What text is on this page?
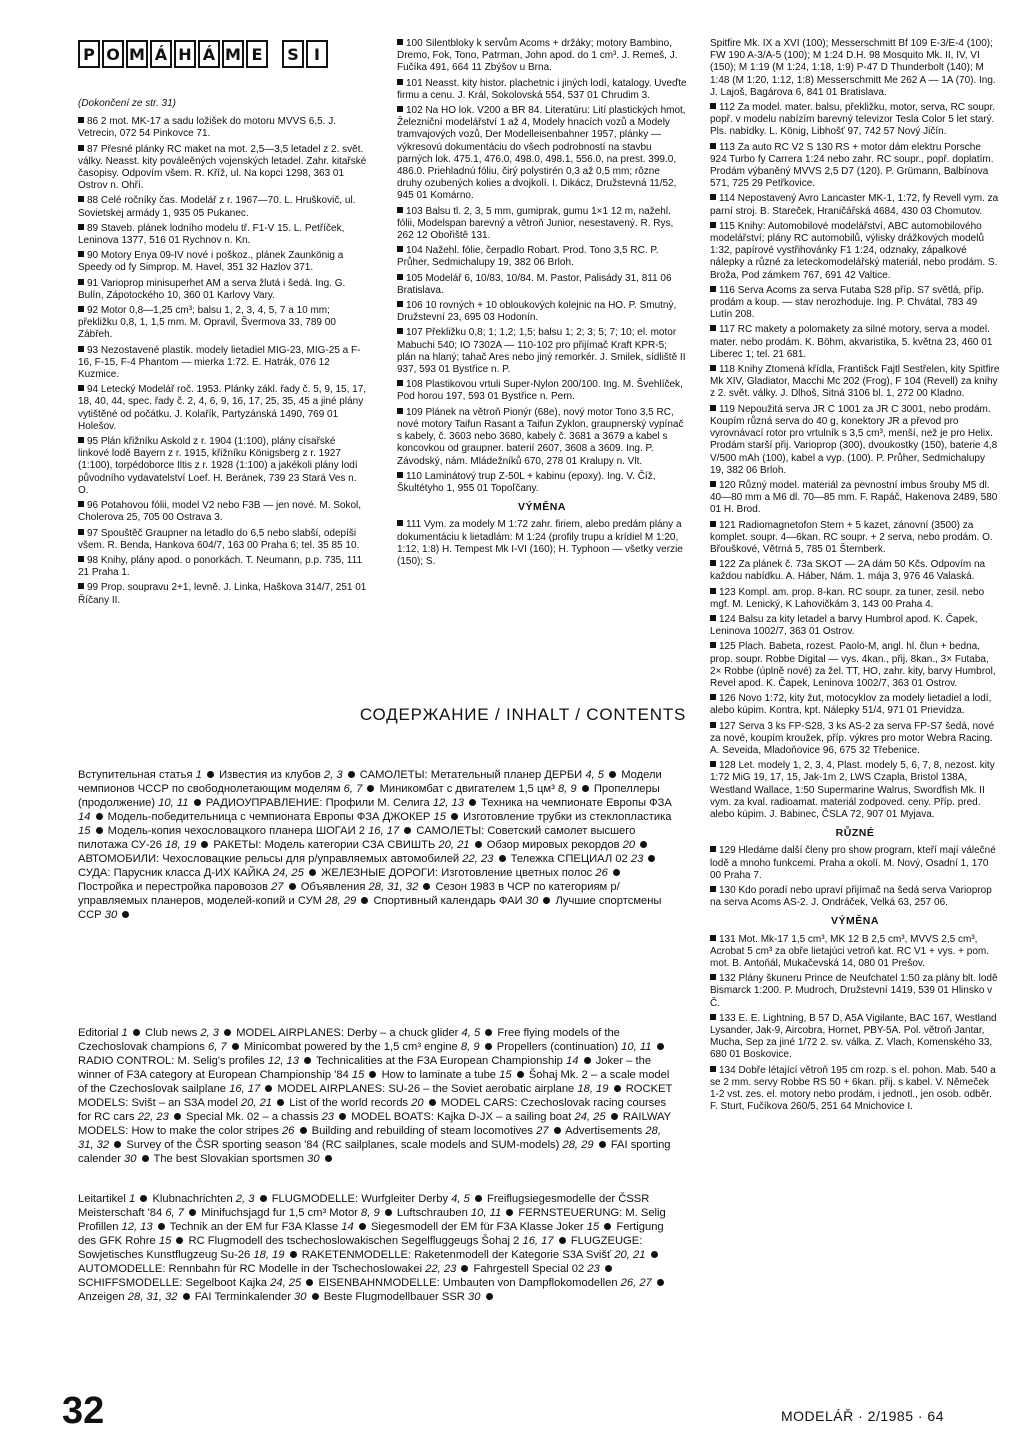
P O M Á H Á M E	S I
(Dokončení ze str. 31)

86 2 mot. MK-17 a sadu ložišek do motoru MVVS 6,5. J. Vetrecin, 072 54 Pinkovce 71.

87 Přesné plánky RC maket na mot. 2,5—3,5 letadel z 2. svět. války. Neasst. kity pováleěných vojenských letadel. Zahr. kitařské časopisy. Odpovím všem. R. Kříž, ul. Na kopci 1298, 363 01 Ostrov n. Ohří.

88 Celé ročníky čas. Modelář z r. 1967—70. L. Hruškovič, ul. Sovietskej armády 1, 935 05 Pukanec.

89 Staveb. plánek lodního modelu tř. F1-V 15. L. Petříček, Leninova 1377, 516 01 Rychnov n. Kn.

90 Motory Enya 09-IV nové i poškoz., plánek Zaunkönig a Speedy od fy Simprop. M. Havel, 351 32 Hazlov 371.

91 Varioprop minisuperhet AM a serva žlutá i šedá. Ing. G. Bulín, Zápotockého 10, 360 01 Karlovy Vary.

92 Motor 0,8—1,25 cm³; balsu 1, 2, 3, 4, 5, 7 a 10 mm; překližku 0,8, 1, 1,5 mm. M. Opravil, Švermova 33, 789 00 Zábřeh.

93 Nezostavené plastik. modely lietadiel MIG-23, MIG-25 a F-16, F-15, F-4 Phantom — mierka 1:72. E. Hatrák, 076 12 Kuzmice.

94 Letecký Modelář roč. 1953. Plánky zákl. řady č. 5, 9, 15, 17, 18, 40, 44, spec. řady č. 2, 4, 6, 9, 16, 17, 25, 35, 45 a jiné plány vytištěné od počátku. J. Kolařík, Partyzánská 1490, 769 01 Holešov.

95 Plán křižníku Askold z r. 1904 (1:100), plány císařské linkové lodě Bayern z r. 1915, křižníku Königsberg z r. 1927 (1:100), torpédoborce Iltis z r. 1928 (1:100) a jakékoli plány lodí původního vydavatelství Loef. H. Beránek, 739 23 Stará Ves n. O.

96 Potahovou fólii, model V2 nebo F3B — jen nové. M. Sokol, Cholerova 25, 705 00 Ostrava 3.

97 Spouštěč Graupner na letadlo do 6,5 nebo slabší, odepíši všem. R. Benda, Hankova 604/7, 163 00 Praha 6; tel. 35 85 10.

98 Knihy, plány apod. o ponorkách. T. Neumann, p.p. 735, 111 21 Praha 1.

99 Prop. soupravu 2+1, levně. J. Linka, Haškova 314/7, 251 01 Říčany II.

100 Silentbloky k servům Acoms + držáky; motory Bambino, Dremo, Fok, Tono, Patrman, John apod. do 1 cm³. J. Remeš, J. Fučíka 491, 664 11 Zbýšov u Brna.

101 Neasst. kity histor. plachetnic i jiných lodí, katalogy. Uveďte firmu a cenu. J. Král, Sokolovská 554, 537 01 Chrudim 3.

102 Na HO lok. V200 a BR 84. Literatúru: Lití plastických hmot, Železniční modelářství 1 až 4, Modely hnacích vozů a Modely tramvajových vozů, Der Modelleisenbahner 1957, plánky — výkresovú dokumentáciu do všech podrobností na stavbu parných lok. 475.1, 476.0, 498.0, 498.1, 556.0, na prest. 399.0, 486.0. Priehladnú fóliu, čirý polystirén 0,3 až 0,5 mm; rôzne druhy ozubených kolies a dvojkolí. I. Dikácz, Družstevná 11/52, 945 01 Komárno.

103 Balsu tl. 2, 3, 5 mm, gumiprak, gumu 1×1 12 m, nažehl. fólii, Modelspan barevný a větroň Junior, nesestavený. R. Rys, 262 12 Obořiště 131.

104 Nažehl. fólie, čerpadlo Robart. Prod. Tono 3,5 RC. P. Průher, Sedmichalupy 19, 382 06 Brloh.

105 Modelář 6, 10/83, 10/84. M. Pastor, Palisády 31, 811 06 Bratislava.

106 10 rovných + 10 obloukových kolejnic na HO. P. Smutný, Družstevní 23, 695 03 Hodonín.

107 Překližku 0,8; 1; 1,2; 1,5; balsu 1; 2; 3; 5; 7; 10; el. motor Mabuchi 540; IO 7302A — 110-102 pro přijímač Kraft KPR-5; plán na hlaný; tahač Ares nebo jiný remorkér. J. Smilek, sídliště II 937, 593 01 Bystřice n. P.

108 Plastikovou vrtuli Super-Nylon 200/100. Ing. M. Švehlíček, Pod horou 197, 593 01 Bystřice n. Pern.

109 Plánek na větroň Pionýr (68e), nový motor Tono 3,5 RC, nové motory Taifun Rasant a Taifun Zyklon, graupnerský vypínač s kabely, č. 3603 nebo 3680, kabely č. 3681 a 3679 a kabel s koncovkou od graupner. baterií 2607, 3608 a 3609. Ing. P. Závodský, nám. Mládežníků 670, 278 01 Kralupy n. Vlt.

110 Laminátový trup Z-50L + kabinu (epoxy). Ing. V. Číž, Škultétyho 1, 955 01 Topoľčany.

VÝMĚNA

111 Vym. za modely M 1:72 zahr. firiem, alebo predám plány a dokumentáciu k lietadlám: M 1:24 (profily trupu a krídiel M 1:20, 1:12, 1:8) H. Tempest Mk I-VI (160); H. Typhoon — všetky verzie (150); S.

Spitfire Mk. IX a XVI (100); Messerschmitt Bf 109 E-3/E-4 (100); FW 190 A-3/A-5 (100); M 1:24 D.H. 98 Mosquito Mk. II, IV, VI (150); M 1:19 (M 1:24, 1:18, 1:9) P-47 D Thunderbolt (140); M 1:48 (M 1:20, 1:12, 1:8) Messerschmitt Me 262 A — 1A (70). Ing. J. Lajoš, Bagárova 6, 841 01 Bratislava.

112 Za model. mater. balsu, překližku, motor, serva, RC soupr. popř. v modelu nabízím barevný televizor Tesla Color 5 let starý. Pls. nabídky. L. König, Libhošť 97, 742 57 Nový Jičín.

113 Za auto RC V2 S 130 RS + motor dám elektru Porsche 924 Turbo fy Carrera 1:24 nebo zahr. RC soupr., popř. doplatím. Prodám výbaněný MVVS 2,5 D7 (120). P. Grümann, Balbínova 571, 725 29 Petřkovice.

114 Nepostavený Avro Lancaster MK-1, 1:72, fy Revell vym. za parní stroj. B. Stareček, Hraničářská 4684, 430 03 Chomutov.

115 Knihy: Automobilové modelářství, ABC automobilového modelářství; plány RC automobilů, výlisky drážkových modelů 1:32, papírové vystřihovánky F1 1:24, odznaky, zápalkové nálepky a různé za leteckomodelářský materiál, nebo prodám. S. Broža, Pod zámkem 767, 691 42 Valtice.

116 Serva Acoms za serva Futaba S28 příp. S7 světlá, příp. prodám a koup. — stav nerozhoduje. Ing. P. Chvátal, 783 49 Lutín 208.

117 RC makety a polomakety za silné motory, serva a model. mater. nebo prodám. K. Böhm, akvaristika, 5. května 23, 460 01 Liberec 1; tel. 21 681.

118 Knihy Ztomená křídla, Františck Fajtl Sestřelen, kity Spitfire Mk XIV, Gladiator, Macchi Mc 202 (Frog), F 104 (Revell) za knihy z 2. svět. války. J. Dlhoš, Sitná 3106 bl. 1, 272 00 Kladno.

119 Nepoužitá serva JR C 1001 za JR C 3001, nebo prodám. Koupím různá serva do 40 g, konektory JR a převod pro vyrovnávací rotor pro vrtulník s 3,5 cm³, menší, než je pro Helix. Prodám starší přij. Varioprop (300), dvoukostky (150), baterie 4,8 V/500 mAh (100), kabel a vyp. (100). P. Průher, Sedmichalupy 19, 382 06 Brloh.

120 Různý model. materiál za pevnostní imbus šrouby M5 dl. 40—80 mm a M6 dl. 70—85 mm. F. Rapáč, Hakenova 2489, 580 01 H. Brod.

121 Radiomagnetofon Stern + 5 kazet, zánovní (3500) za komplet. soupr. 4—6kan. RC soupr. + 2 serva, nebo prodám. O. Břouškové, Větrná 5, 785 01 Šternberk.

122 Za plánek č. 73a SKOT — 2A dám 50 Kčs. Odpovím na každou nabídku. A. Háber, Nám. 1. mája 3, 976 46 Valaská.

123 Kompl. am. prop. 8-kan. RC soupr. za tuner, zesil. nebo mgf. M. Lenický, K Lahovičkám 3, 143 00 Praha 4.

124 Balsu za kity letadel a barvy Humbrol apod. K. Čapek, Leninova 1002/7, 363 01 Ostrov.

125 Plach. Babeta, rozest. Paolo-M, angl. hl. člun + bedna, prop. soupr. Robbe Digital — vys. 4kan., přij. 8kan., 3× Futaba, 2× Robbe (úplně nové) za žel. TT, HO, zahr. kity, barvy Humbrol, Revel apod. K. Čapek, Leninova 1002/7, 363 01 Ostrov.

126 Novo 1:72, kity žut, motocyklov za modely lietadiel a lodí, alebo kúpim. Kontra, kpt. Nálepky 51/4, 971 01 Prievidza.

127 Serva 3 ks FP-S28, 3 ks AS-2 za serva FP-S7 šedá, nové za nové, koupím kroužek, příp. výkres pro motor Webra Racing. A. Seveida, Mladoňovice 96, 675 32 Třebenice.

128 Let. modely 1, 2, 3, 4, Plast. modely 5, 6, 7, 8, nezost. kity 1:72 MiG 19, 17, 15, Jak-1m 2, LWS Czapla, Bristol 138A, Westland Wallace, 1:50 Supermarine Walrus, Swordfish Mk. II vym. za kval. radioamat. materiál zodpoved. ceny. Příp. pred. alebo kúpim. J. Babinec, ČSLA 72, 907 01 Myjava.

RŮZNÉ

129 Hledáme další členy pro show program, kteří mají válečné lodě a mnoho funkcemi. Praha a okolí. M. Nový, Osadní 1, 170 00 Praha 7.

130 Kdo poradí nebo upraví přijímač na šedá serva Varioprop na serva Acoms AS-2. J. Ondráček, Velká 63, 257 06.

VÝMĚNA

131 Mot. Mk-17 1,5 cm³, MK 12 B 2,5 cm³, MVVS 2,5 cm³, Acrobat 5 cm³ za obře lietajúci vetroň kat. RC V1 + vys. + pom. mot. B. Antoňál, Mukačevská 14, 080 01 Prešov.

132 Plány škuneru Prince de Neufchatel 1:50 za plány blt. lodě Bismarck 1:200. P. Mudroch, Družstevní 1419, 539 01 Hlinsko v Č.

133 E. E. Lightning, B 57 D, A5A Vigilante, BAC 167, Westland Lysander, Jak-9, Aircobra, Hornet, PBY-5A. Pol. větroň Jantar, Mucha, Sep za jiné 1/72 2. sv. válka. Z. Vlach, Komenského 33, 680 01 Boskovice.

134 Dobře létající větroň 195 cm rozp. s el. pohon. Mab. 540 a se 2 mm. servy Robbe RS 50 + 6kan. přij. s kabel. V. Němeček 1-2 vst. zes. el. motory nebo prodám, i jednotl., jen osob. odběr. F. Sturt, Fučíkova 260/5, 251 64 Mnichovice I.

СОДЕРЖАНИЕ / INHALT / CONTENTS
Вступительная статья 1 Известия из клубов 2, 3 САМОЛЕТЫ: Метательный планер ДЕРБИ 4, 5 Модели чемпионов ЧССР по свободнолетающим моделям 6, 7 Миникомбат с двигателем 1,5 цм³ 8, 9 Пропеллеры (продолжение) 10, 11 РАДИОУПРАВЛЕНИЕ: Профили М. Селига 12, 13 Техника на чемпионате Европы ФЗА 14 Модель-победительница с чемпионата Европы ФЗА ДЖОКЕР 15 Изготовление трубки из стеклопластика 15 Модель-копия чехословацкого планера ШОГАИ 2 16, 17 САМОЛЕТЫ: Советский самолет высшего пилотажа СУ-26 18, 19 РАКЕТЫ: Модель категории СЗА СВИШТЬ 20, 21 Обзор мировых рекордов 20  АВТОМОБИЛИ: Чехословацкие рельсы для р/управляемых автомобилей 22, 23 Тележка СПЕЦИАЛ 02 23  СУДА: Парусник класса Д-ИХ КАЙКА 24, 25 ЖЕЛЕЗНЫЕ ДОРОГИ: Изготовление цветных полос 26  Постройка и перестройка паровозов 27 Объявления 28, 31, 32 Сезон 1983 в ЧСР по категориям р/управляемых планеров, моделей-копий и СУМ 28, 29 Спортивный календарь ФАИ 30 Лучшие спортсмены ССР 30
Editorial 1 Club news 2, 3 MODEL AIRPLANES: Derby – a chuck glider 4, 5 Free flying models of the Czechoslovak champions 6, 7 Minicombat powered by the 1,5 cm³ engine 8, 9 Propellers (continuation) 10, 11  RADIO CONTROL: M. Selig's profiles 12, 13 Technicalities at the F3A European Championship 14 Joker – the winner of F3A category at European Championship '84 15 How to laminate a tube 15 Šohaj Mk. 2 – a scale model of the Czechoslovak sailplane 16, 17 MODEL AIRPLANES: SU-26 – the Soviet aerobatic airplane 18, 19 ROCKET MODELS: Svišt – an S3A model 20, 21 List of the world records 20 MODEL CARS: Czechoslovak racing courses for RC cars 22, 23 Special Mk. 02 – a chassis 23 MODEL BOATS: Kajka D-JX – a sailing boat 24, 25 RAILWAY MODELS: How to make the color stripes 26 Building and rebuilding of steam locomotives 27 Advertisements 28, 31, 32 Survey of the ČSR sporting season '84 (RC sailplanes, scale models and SUM-models) 28, 29 FAI sporting calender 30 The best Slovakian sportsmen 30
Leitartikel 1 Klubnachrichten 2, 3 FLUGMODELLE: Wurfgleiter Derby 4, 5 Freiflugsiegesmodelle der ČSSR Meisterschaft '84 6, 7 Minifuchsjagd fur 1,5 cm³ Motor 8, 9 Luftschrauben 10, 11 FERNSTEUERUNG: M. Selig Profillen 12, 13 Technik an der EM fur F3A Klasse 14 Siegesmodell der EM für F3A Klasse Joker 15 Fertigung des GFK Rohre 15 RC Flugmodell des tschechoslowakischen Segelfluggeugs Šohaj 2 16, 17 FLUGZEUGE: Sowjetisches Kunstflugzeug Su-26 18, 19 RAKETENMODELLE: Raketenmodell der Kategorie S3A Svišť 20, 21  AUTOMODELLE: Rennbahn für RC Modelle in der Tschechoslowakei 22, 23 Fahrgestell Special 02 23  SCHIFFSMODELLE: Segelboot Kajka 24, 25 EISENBAHNMODELLE: Umbauten von Dampflokomodellen 26, 27  Anzeigen 28, 31, 32 FAI Terminkalender 30 Beste Flugmodellbauer SSR 30
32	MODELÁŘ · 2/1985 · 64
